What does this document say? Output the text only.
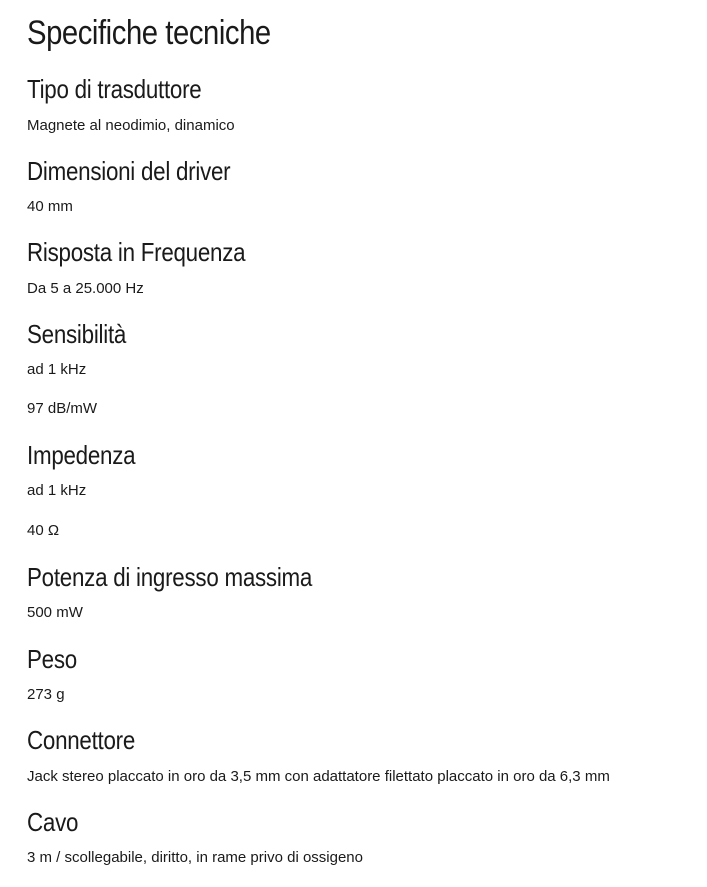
Specifiche tecniche
Tipo di trasduttore

Magnete al neodimio, dinamico

Dimensioni del driver

40 mm

Risposta in Frequenza

Da 5 a 25.000 Hz

Sensibilità

ad 1 kHz

97 dB/mW

Impedenza

ad 1 kHz

40 Ω

Potenza di ingresso massima

500 mW

Peso

273 g

Connettore

Jack stereo placcato in oro da 3,5 mm con adattatore filettato placcato in oro da 6,3 mm

Cavo

3 m / scollegabile, diritto, in rame privo di ossigeno
